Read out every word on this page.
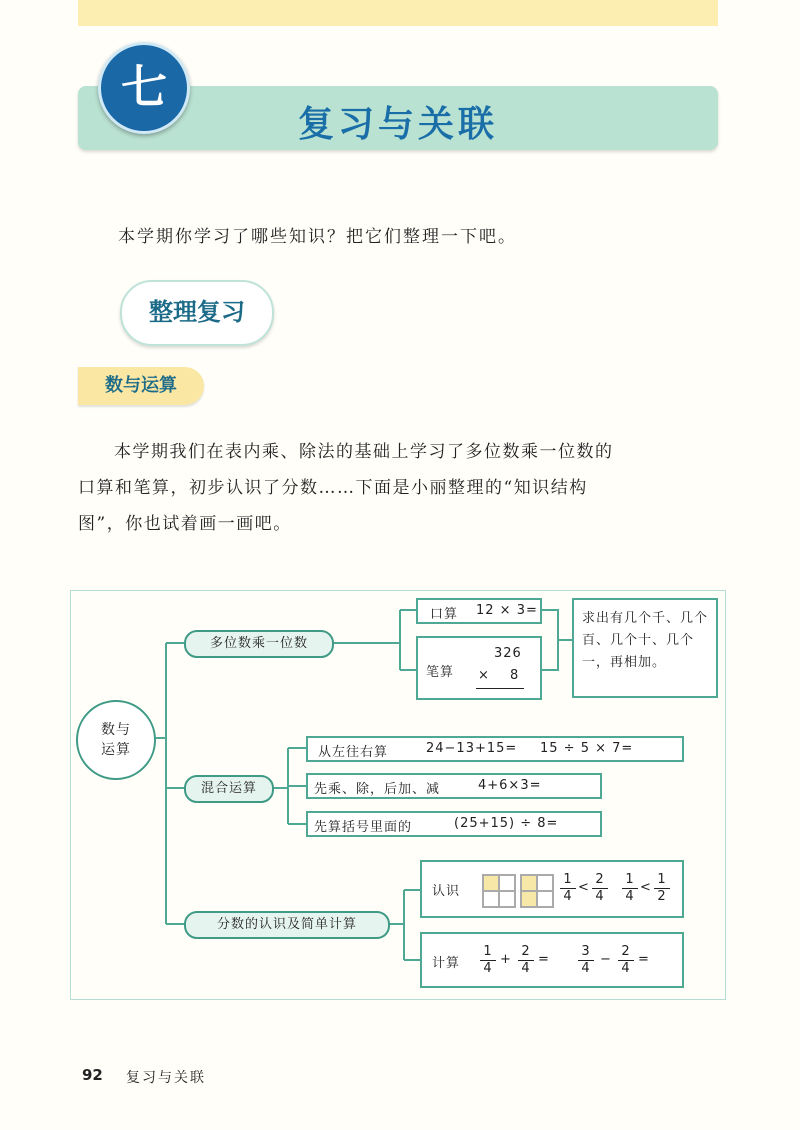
复习与关联
七
本学期你学习了哪些知识？把它们整理一下吧。
整理复习
数与运算
本学期我们在表内乘、除法的基础上学习了多位数乘一位数的
口算和笔算，初步认识了分数……下面是小丽整理的“知识结构
图”，你也试着画一画吧。
数与运算
多位数乘一位数
口算 12 × 3=
笔算
326
× 8
求出有几个千、几个百、几个十、几个一，再相加。
混合运算
从左往右算	24−13+15= 15 ÷ 5 × 7=
先乘、除，后加、减	4+6×3=
先算括号里面的	(25+15) ÷ 8=
分数的认识及简单计算
认识	$\frac{1}{4} < \frac{2}{4} \frac{1}{4} < \frac{1}{2}$
计算 $\frac{1}{4} + \frac{2}{4} = \frac{3}{4} - \frac{2}{4}$ =
92 复习与关联
